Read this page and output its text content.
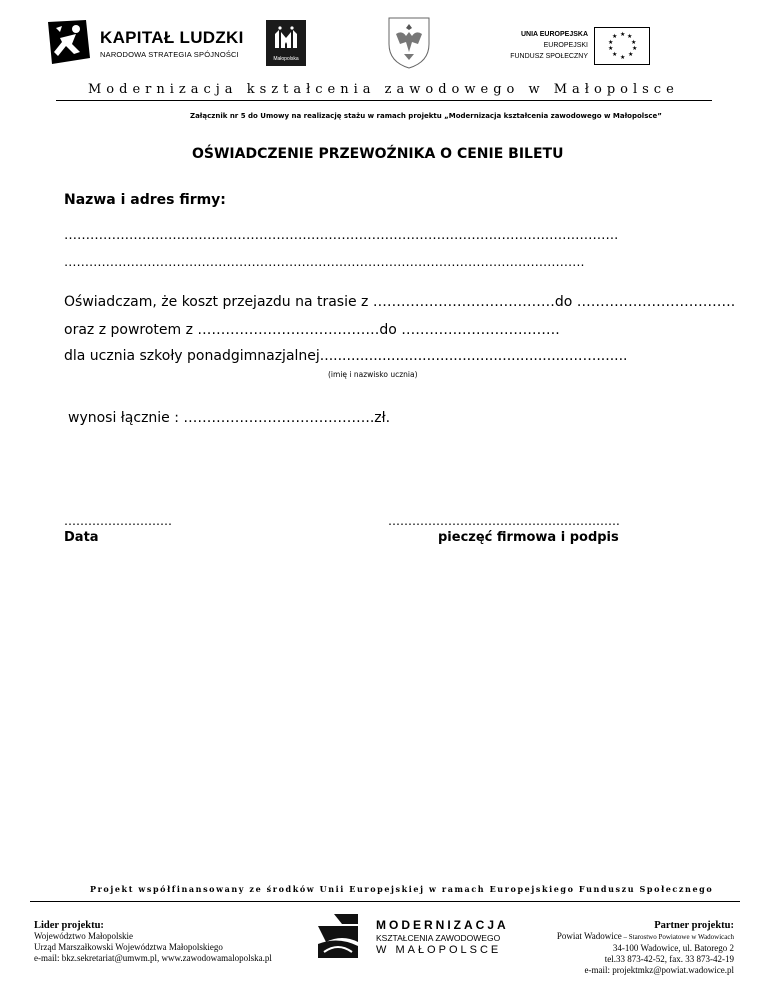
KAPITAŁ LUDZKI
NARODOWA STRATEGIA SPÓJNOŚCI	Małopolska
UNIA EUROPEJSKA
EUROPEJSKI
FUNDUSZ SPOŁECZNY
★ ★
★
★
★
★
★
★
★
★
Modernizacja kształcenia zawodowego w Małopolsce
Załącznik nr 5 do Umowy na realizację stażu w ramach projektu „Modernizacja kształcenia zawodowego w Małopolsce”
OŚWIADCZENIE PRZEWOŹNIKA O CENIE BILETU
Nazwa i adres firmy:
……………………………………………………………………………………….……………………….
………………………………………………………….………………………………………………….
Oświadczam, że koszt przejazdu na trasie z …………………………………do …………………………….
oraz z powrotem z …………………………………do …………………………….
dla ucznia szkoły ponadgimnazjalnej..........................................................…........
(imię i nazwisko ucznia)
wynosi łącznie : …………………………………..zł.
………………………
Data
………………………………………………….
pieczęć firmowa i podpis
Projekt współfinansowany ze środków Unii Europejskiej w ramach Europejskiego Funduszu Społecznego
Lider projektu:
Województwo Małopolskie
Urząd Marszałkowski Województwa Małopolskiego
e-mail: bkz.sekretariat@umwm.pl, www.zawodowamalopolska.pl
MODERNIZACJA
KSZTAŁCENIA ZAWODOWEGO
W MAŁOPOLSCE
Partner projektu:
Powiat Wadowice – Starostwo Powiatowe w Wadowicach
34-100 Wadowice, ul. Batorego 2
tel.33 873-42-52, fax. 33 873-42-19
e-mail: projektmkz@powiat.wadowice.pl
